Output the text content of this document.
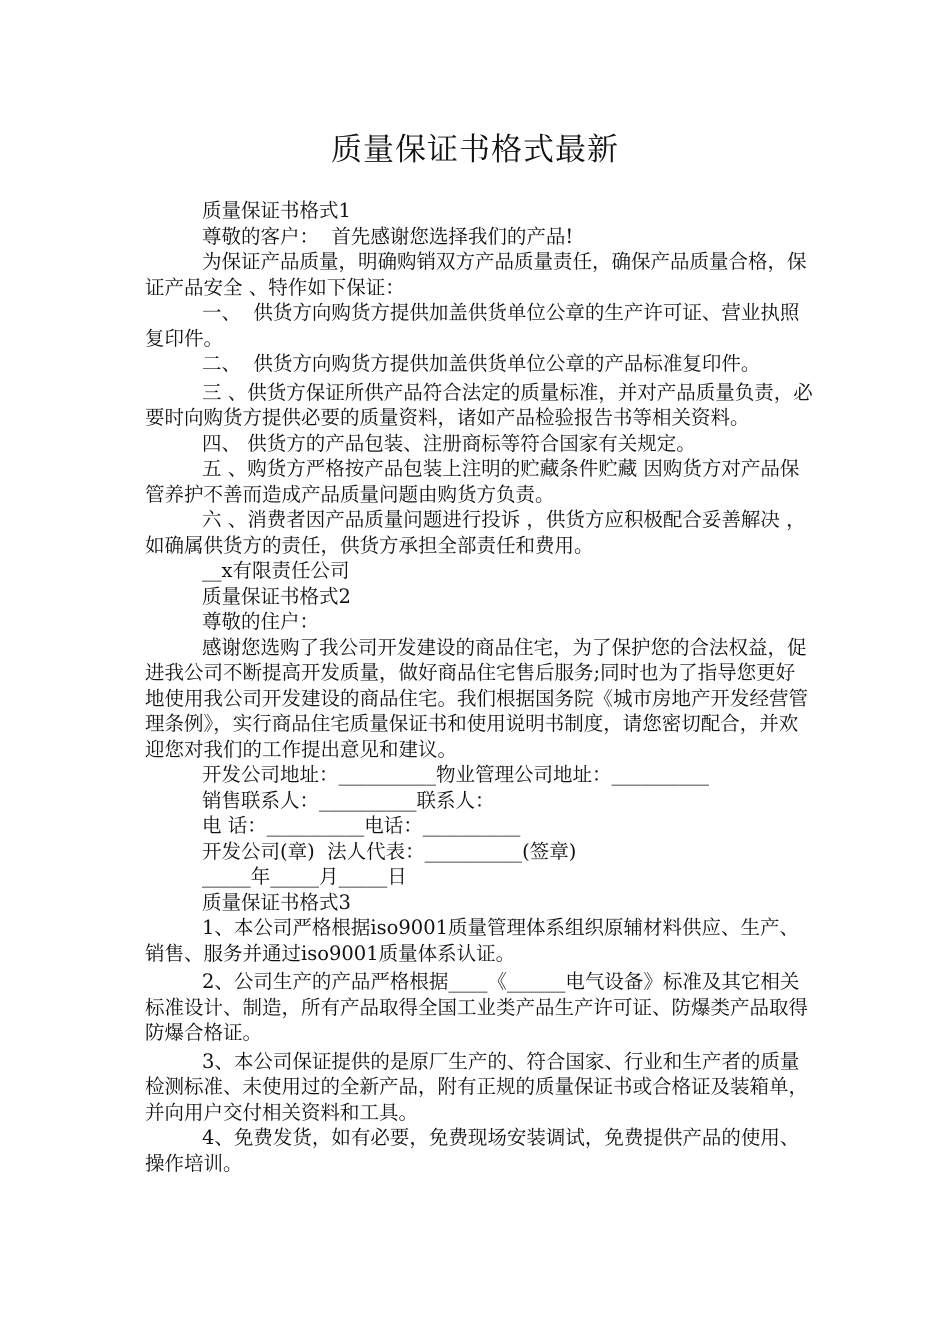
质量保证书格式最新

质量保证书格式1

尊敬的客户：  首先感谢您选择我们的产品!

为保证产品质量，明确购销双方产品质量责任，确保产品质量合格，保证产品安全 、特作如下保证：

一、  供货方向购货方提供加盖供货单位公章的生产许可证、营业执照复印件。

二、  供货方向购货方提供加盖供货单位公章的产品标准复印件。

三 、供货方保证所供产品符合法定的质量标准，并对产品质量负责，必要时向购货方提供必要的质量资料，诸如产品检验报告书等相关资料。

四、 供货方的产品包装、注册商标等符合国家有关规定。

五 、购货方严格按产品包装上注明的贮藏条件贮藏 因购货方对产品保管养护不善而造成产品质量问题由购货方负责。

六 、消费者因产品质量问题进行投诉 ，供货方应积极配合妥善解决 ，如确属供货方的责任，供货方承担全部责任和费用。

__x有限责任公司

质量保证书格式2

尊敬的住户：

感谢您选购了我公司开发建设的商品住宅，为了保护您的合法权益，促进我公司不断提高开发质量，做好商品住宅售后服务;同时也为了指导您更好地使用我公司开发建设的商品住宅。我们根据国务院《城市房地产开发经营管理条例》，实行商品住宅质量保证书和使用说明书制度，请您密切配合，并欢迎您对我们的工作提出意见和建议。

开发公司地址：__________物业管理公司地址：__________

销售联系人：__________联系人：

电 话：__________电话：__________

开发公司(章)  法人代表：__________(签章)

_____年_____月_____日

质量保证书格式3

1、本公司严格根据iso9001质量管理体系组织原辅材料供应、生产、销售、服务并通过iso9001质量体系认证。

2、公司生产的产品严格根据____《______电气设备》标准及其它相关标准设计、制造，所有产品取得全国工业类产品生产许可证、防爆类产品取得防爆合格证。

3、本公司保证提供的是原厂生产的、符合国家、行业和生产者的质量检测标准、未使用过的全新产品，附有正规的质量保证书或合格证及装箱单，并向用户交付相关资料和工具。

4、免费发货，如有必要，免费现场安装调试，免费提供产品的使用、操作培训。
